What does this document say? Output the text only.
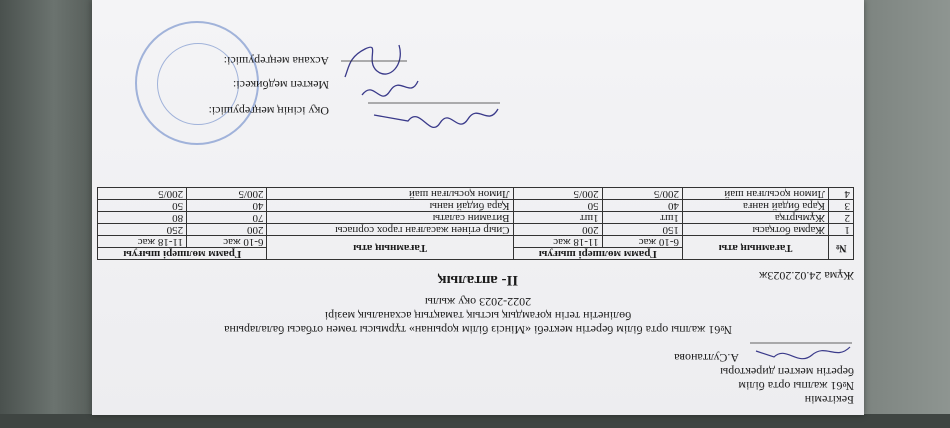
Бекітемін
№61 жалпы орта білім
беретін мектеп директоры
А.Султанова
№61 жалпы орта білім беретін мектебі «Мінсіз білім қорынан» тұрмысы төмен отбасы балаларына
бөлінетін тегін қоғамдық ыстық тамақтың асханалық мәзірі
2022-2023 оқу жылы
II- апталық	Жұма 24.02.2023ж
№	Тағамның аты	Грамм мөлшері шығуы		Тағамның аты	Грамм мөлшері шығуы	
		6-10 жас	11-18 жас		6-10 жас	11-18 жас
1	Жарма ботқасы	150	200	Сиыр етінен жасалған гарох сорпасы	200	250
2	Жұмыртқа	1шт	1шт	Витамин салаты	70	80
3	Қара бидай нанға	40	50	Қара бидай наны	40	50
4	Лимон қосылған шай	200/5	200/5	Лимон қосылған шай	200/5	200/5
Оқу ісінің меңгерушісі:
Мектеп медбикесі:
Асхана меңгерушісі:
